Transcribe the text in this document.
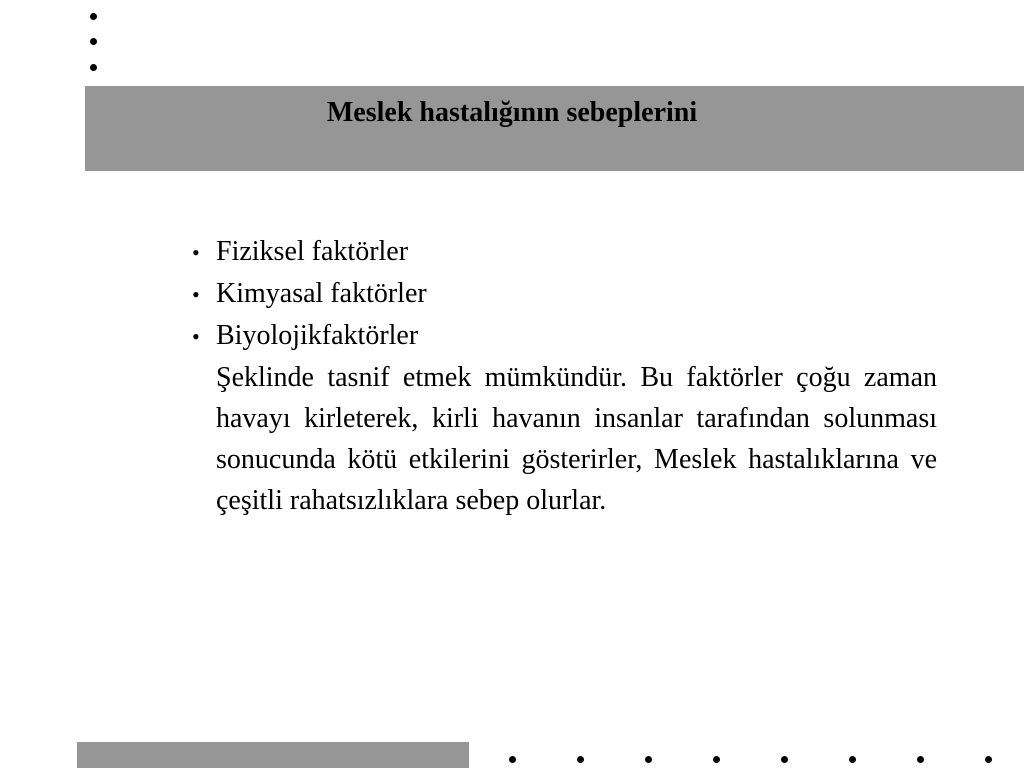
Meslek hastalığının sebeplerini
• Fiziksel faktörler
• Kimyasal faktörler
• Biyolojikfaktörler
Şeklinde tasnif etmek mümkündür. Bu faktörler çoğu zaman havayı kirleterek, kirli havanın insanlar tarafından solunması sonucunda kötü etkilerini gösterirler, Meslek hastalıklarına ve çeşitli rahatsızlıklara sebep olurlar.
